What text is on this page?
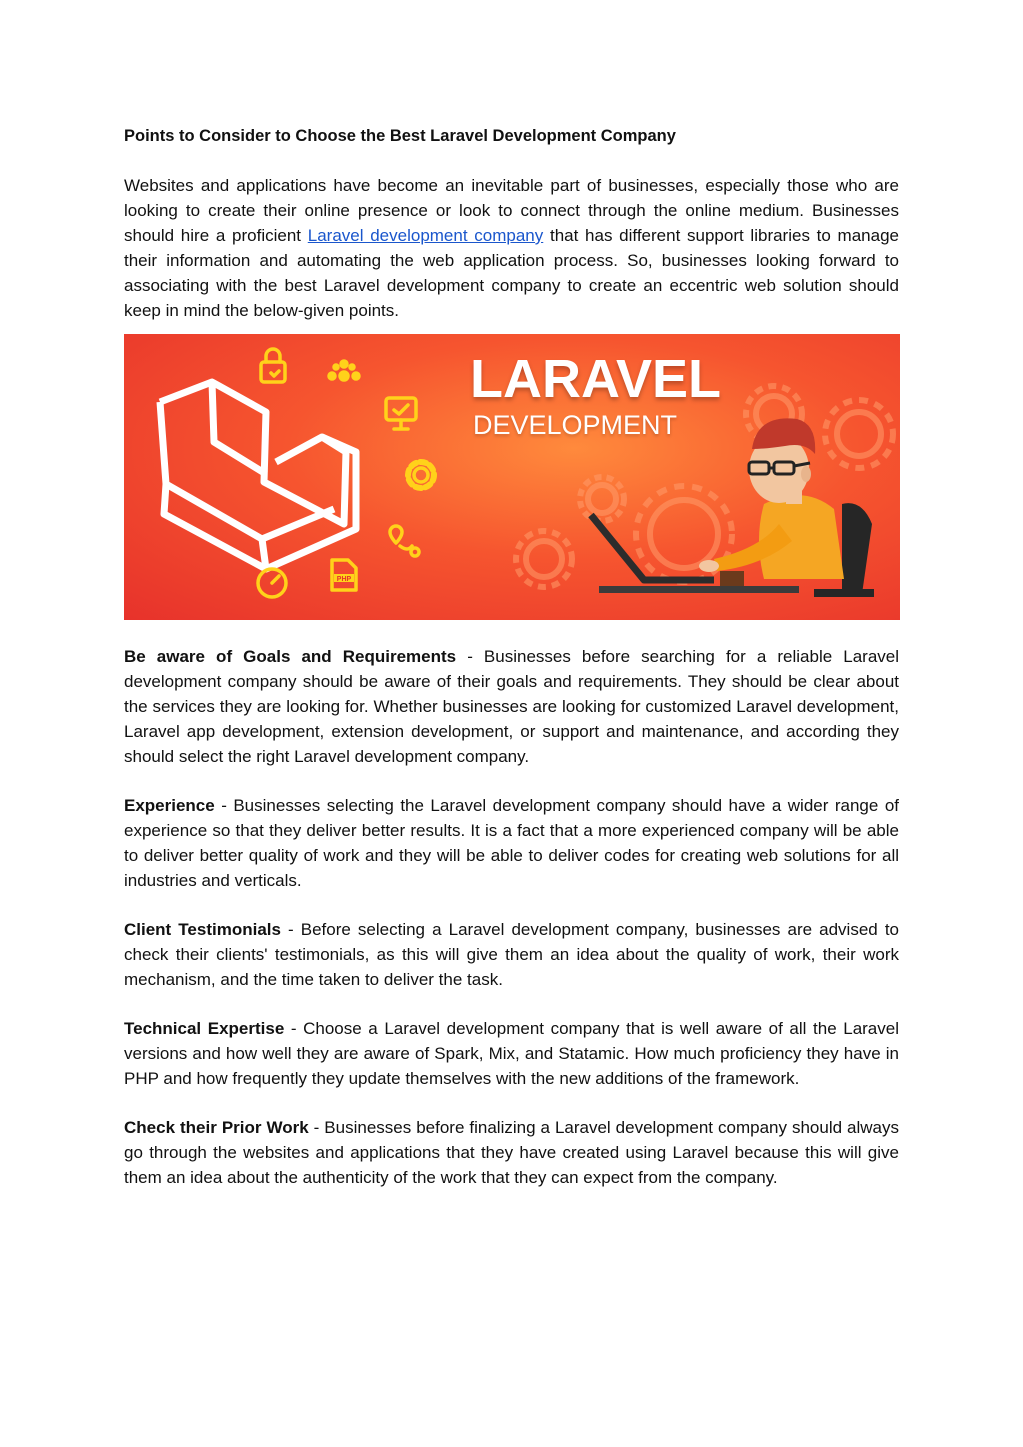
Points to Consider to Choose the Best Laravel Development Company

Websites and applications have become an inevitable part of businesses, especially those who are looking to create their online presence or look to connect through the online medium. Businesses should hire a proficient Laravel development company that has different support libraries to manage their information and automating the web application process. So, businesses looking forward to associating with the best Laravel development company to create an eccentric web solution should keep in mind the below-given points.

PHP
LARAVEL
DEVELOPMENT

Be aware of Goals and Requirements - Businesses before searching for a reliable Laravel development company should be aware of their goals and requirements. They should be clear about the services they are looking for. Whether businesses are looking for customized Laravel development, Laravel app development, extension development, or support and maintenance, and according they should select the right Laravel development company.

Experience - Businesses selecting the Laravel development company should have a wider range of experience so that they deliver better results. It is a fact that a more experienced company will be able to deliver better quality of work and they will be able to deliver codes for creating web solutions for all industries and verticals.

Client Testimonials - Before selecting a Laravel development company, businesses are advised to check their clients' testimonials, as this will give them an idea about the quality of work, their work mechanism, and the time taken to deliver the task.

Technical Expertise - Choose a Laravel development company that is well aware of all the Laravel versions and how well they are aware of Spark, Mix, and Statamic. How much proficiency they have in PHP and how frequently they update themselves with the new additions of the framework.

Check their Prior Work - Businesses before finalizing a Laravel development company should always go through the websites and applications that they have created using Laravel because this will give them an idea about the authenticity of the work that they can expect from the company.
